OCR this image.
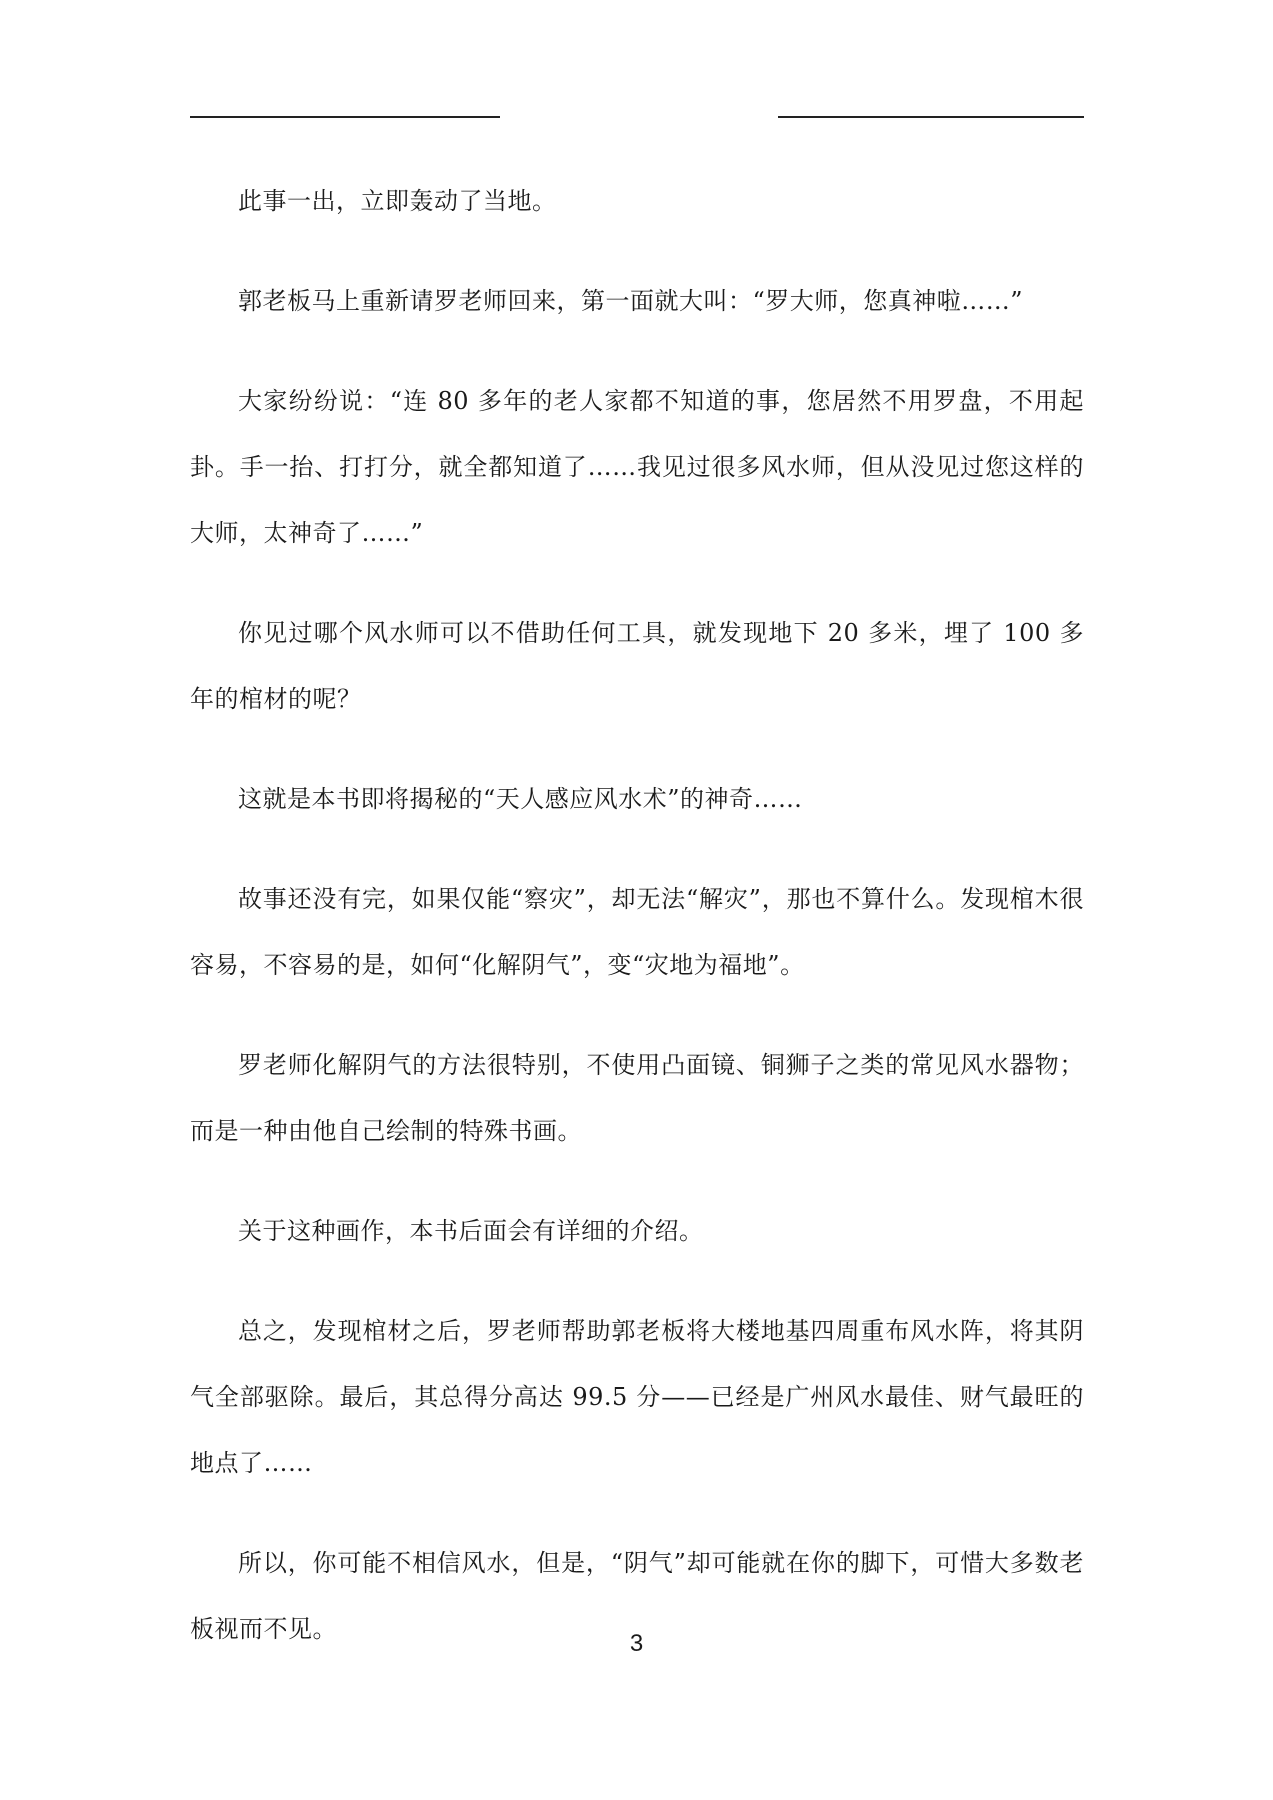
此事一出，立即轰动了当地。

郭老板马上重新请罗老师回来，第一面就大叫：“罗大师，您真神啦……”

大家纷纷说：“连 80 多年的老人家都不知道的事，您居然不用罗盘，不用起卦。手一抬、打打分，就全都知道了……我见过很多风水师，但从没见过您这样的大师，太神奇了……”

你见过哪个风水师可以不借助任何工具，就发现地下 20 多米，埋了 100 多年的棺材的呢？

这就是本书即将揭秘的“天人感应风水术”的神奇……

故事还没有完，如果仅能“察灾”，却无法“解灾”，那也不算什么。发现棺木很容易，不容易的是，如何“化解阴气”，变“灾地为福地”。

罗老师化解阴气的方法很特别，不使用凸面镜、铜狮子之类的常见风水器物；而是一种由他自己绘制的特殊书画。

关于这种画作，本书后面会有详细的介绍。

总之，发现棺材之后，罗老师帮助郭老板将大楼地基四周重布风水阵，将其阴气全部驱除。最后，其总得分高达 99.5 分——已经是广州风水最佳、财气最旺的地点了……

所以，你可能不相信风水，但是，“阴气”却可能就在你的脚下，可惜大多数老板视而不见。

3
